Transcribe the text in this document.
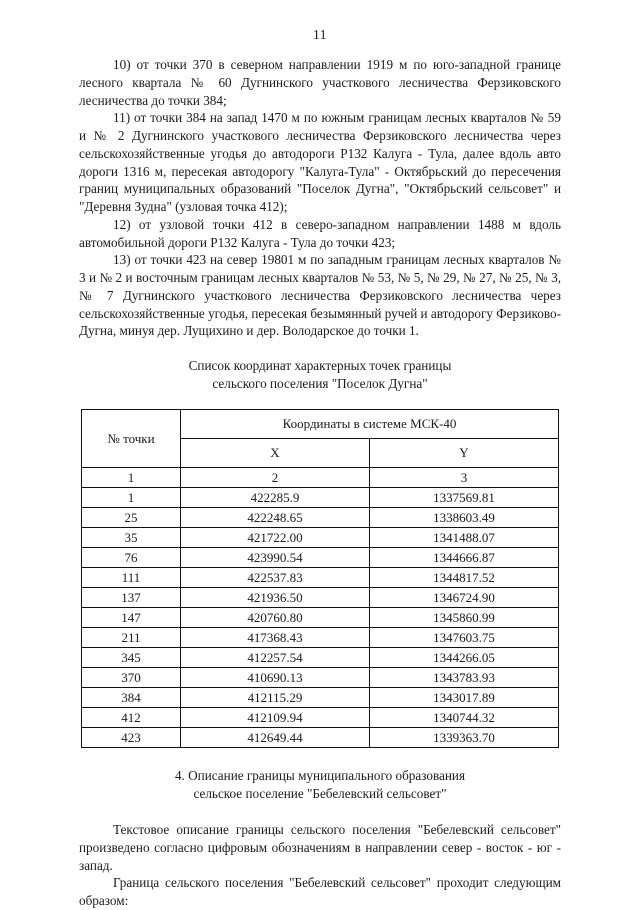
11

10) от точки 370 в северном направлении 1919 м по юго-западной границе лесного квартала № 60 Дугнинского участкового лесничества Ферзиковского лесничества до точки 384;

11) от точки 384 на запад 1470 м по южным границам лесных кварталов № 59 и № 2 Дугнинского участкового лесничества Ферзиковского лесничества через сельскохозяйственные угодья до автодороги Р132 Калуга - Тула, далее вдоль авто дороги 1316 м, пересекая автодорогу "Калуга-Тула" - Октябрьский до пересечения границ муниципальных образований "Поселок Дугна", "Октябрьский сельсовет" и "Деревня Зудна" (узловая точка 412);

12) от узловой точки 412 в северо-западном направлении 1488 м вдоль автомобильной дороги Р132 Калуга - Тула до точки 423;

13) от точки 423 на север 19801 м по западным границам лесных кварталов № 3 и № 2 и восточным границам лесных кварталов № 53, № 5, № 29, № 27, № 25, № 3, № 7 Дугнинского участкового лесничества Ферзиковского лесничества через сельскохозяйственные угодья, пересекая безымянный ручей и автодорогу Ферзиково-Дугна, минуя дер. Лущихино и дер. Володарское до точки 1.

Список координат характерных точек границы
сельского поселения "Поселок Дугна"
№ точки	Координаты в системе МСК-40	
	X	Y
1	2	3
1	422285.9	1337569.81
25	422248.65	1338603.49
35	421722.00	1341488.07
76	423990.54	1344666.87
111	422537.83	1344817.52
137	421936.50	1346724.90
147	420760.80	1345860.99
211	417368.43	1347603.75
345	412257.54	1344266.05
370	410690.13	1343783.93
384	412115.29	1343017.89
412	412109.94	1340744.32
423	412649.44	1339363.70
4. Описание границы муниципального образования
сельское поселение "Бебелевский сельсовет"

Текстовое описание границы сельского поселения "Бебелевский сельсовет" произведено согласно цифровым обозначениям в направлении север - восток - юг - запад.

Граница сельского поселения "Бебелевский сельсовет" проходит следующим образом:
